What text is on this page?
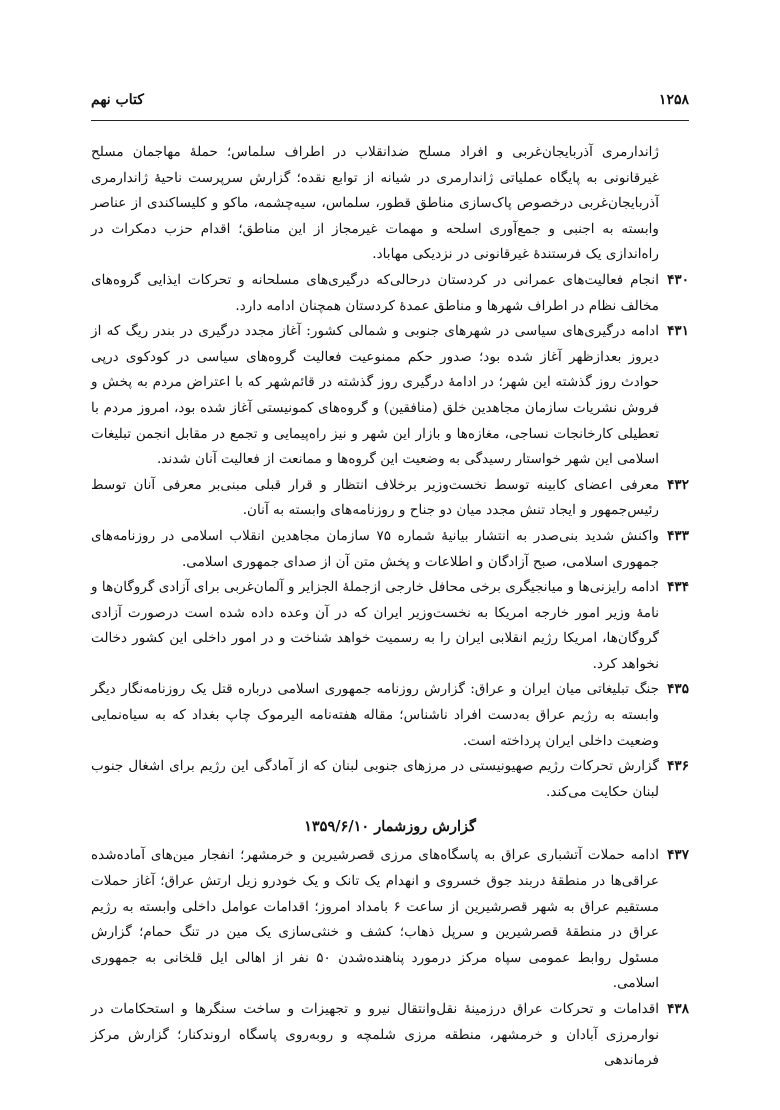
۱۲۵۸
کتاب نهم

ژاندارمری آذربایجان‌غربی و افراد مسلح ضدانقلاب در اطراف سلماس؛ حملهٔ مهاجمان مسلح غیرقانونی به پایگاه عملیاتی ژاندارمری در شیانه از توابع نقده؛ گزارش سرپرست ناحیهٔ ژاندارمری آذربایجان‌غربی درخصوص پاک‌سازی مناطق قطور، سلماس، سیه‌چشمه، ماکو و کلیساکندی از عناصر وابسته به اجنبی و جمع‌آوری اسلحه و مهمات غیرمجاز از این مناطق؛ اقدام حزب دمکرات در راه‌اندازی یک فرستندهٔ غیرقانونی در نزدیکی مهاباد.

۴۳۰
انجام فعالیت‌های عمرانی در کردستان درحالی‌که درگیری‌های مسلحانه و تحرکات ایذایی گروه‌های مخالف نظام در اطراف شهرها و مناطق عمدهٔ کردستان همچنان ادامه دارد.
۴۳۱
ادامه درگیری‌های سیاسی در شهرهای جنوبی و شمالی کشور: آغاز مجدد درگیری در بندر ریگ که از دیروز بعدازظهر آغاز شده بود؛ صدور حکم ممنوعیت فعالیت گروه‌های سیاسی در کودکوی درپی حوادث روز گذشته این شهر؛ در ادامهٔ درگیری روز گذشته در قائم‌شهر که با اعتراض مردم به پخش و فروش نشریات سازمان مجاهدین خلق (منافقین) و گروه‌های کمونیستی آغاز شده بود، امروز مردم با تعطیلی کارخانجات نساجی، مغازه‌ها و بازار این شهر و نیز راه‌پیمایی و تجمع در مقابل انجمن تبلیغات اسلامی این شهر خواستار رسیدگی به وضعیت این گروه‌ها و ممانعت از فعالیت آنان شدند.
۴۳۲
معرفی اعضای کابینه توسط نخست‌وزیر برخلاف انتظار و قرار قبلی مبنی‌بر معرفی آنان توسط رئیس‌جمهور و ایجاد تنش مجدد میان دو جناح و روزنامه‌های وابسته به آنان.
۴۳۳
واکنش شدید بنی‌صدر به انتشار بیانیهٔ شماره ۷۵ سازمان مجاهدین انقلاب اسلامی در روزنامه‌های جمهوری اسلامی، صبح آزادگان و اطلاعات و پخش متن آن از صدای جمهوری اسلامی.
۴۳۴
ادامه رایزنی‌ها و میانجیگری برخی محافل خارجی ازجملهٔ الجزایر و آلمان‌غربی برای آزادی گروگان‌ها و نامهٔ وزیر امور خارجه امریکا به نخست‌وزیر ایران که در آن وعده داده شده است درصورت آزادی گروگان‌ها، امریکا رژیم انقلابی ایران را به رسمیت خواهد شناخت و در امور داخلی این کشور دخالت نخواهد کرد.
۴۳۵
جنگ تبلیغاتی میان ایران و عراق: گزارش روزنامه جمهوری اسلامی درباره قتل یک روزنامه‌نگار دیگر وابسته به رژیم عراق به‌دست افراد ناشناس؛ مقاله هفته‌نامه الیرموک چاپ بغداد که به سیاه‌نمایی وضعیت داخلی ایران پرداخته است.
۴۳۶
گزارش تحرکات رژیم صهیونیستی در مرزهای جنوبی لبنان که از آمادگی این رژیم برای اشغال جنوب لبنان حکایت می‌کند.
گزارش روزشمار ۱۳۵۹/۶/۱۰
۴۳۷
ادامه حملات آتشباری عراق به پاسگاه‌های مرزی قصرشیرین و خرمشهر؛ انفجار مین‌های آماده‌شده عراقی‌ها در منطقهٔ دربند جوق خسروی و انهدام یک تانک و یک خودرو زیل ارتش عراق؛ آغاز حملات مستقیم عراق به شهر قصرشیرین از ساعت ۶ بامداد امروز؛ اقدامات عوامل داخلی وابسته به رژیم عراق در منطقهٔ قصرشیرین و سرپل ذهاب؛ کشف و خنثی‌سازی یک مین در تنگ حمام؛ گزارش مسئول روابط عمومی سپاه مرکز درمورد پناهنده‌شدن ۵۰ نفر از اهالی ایل قلخانی به جمهوری اسلامی.
۴۳۸
اقدامات و تحرکات عراق درزمینهٔ نقل‌وانتقال نیرو و تجهیزات و ساخت سنگرها و استحکامات در نوارمرزی آبادان و خرمشهر، منطقه مرزی شلمچه و روبه‌روی پاسگاه اروندکنار؛ گزارش مرکز فرماندهی
